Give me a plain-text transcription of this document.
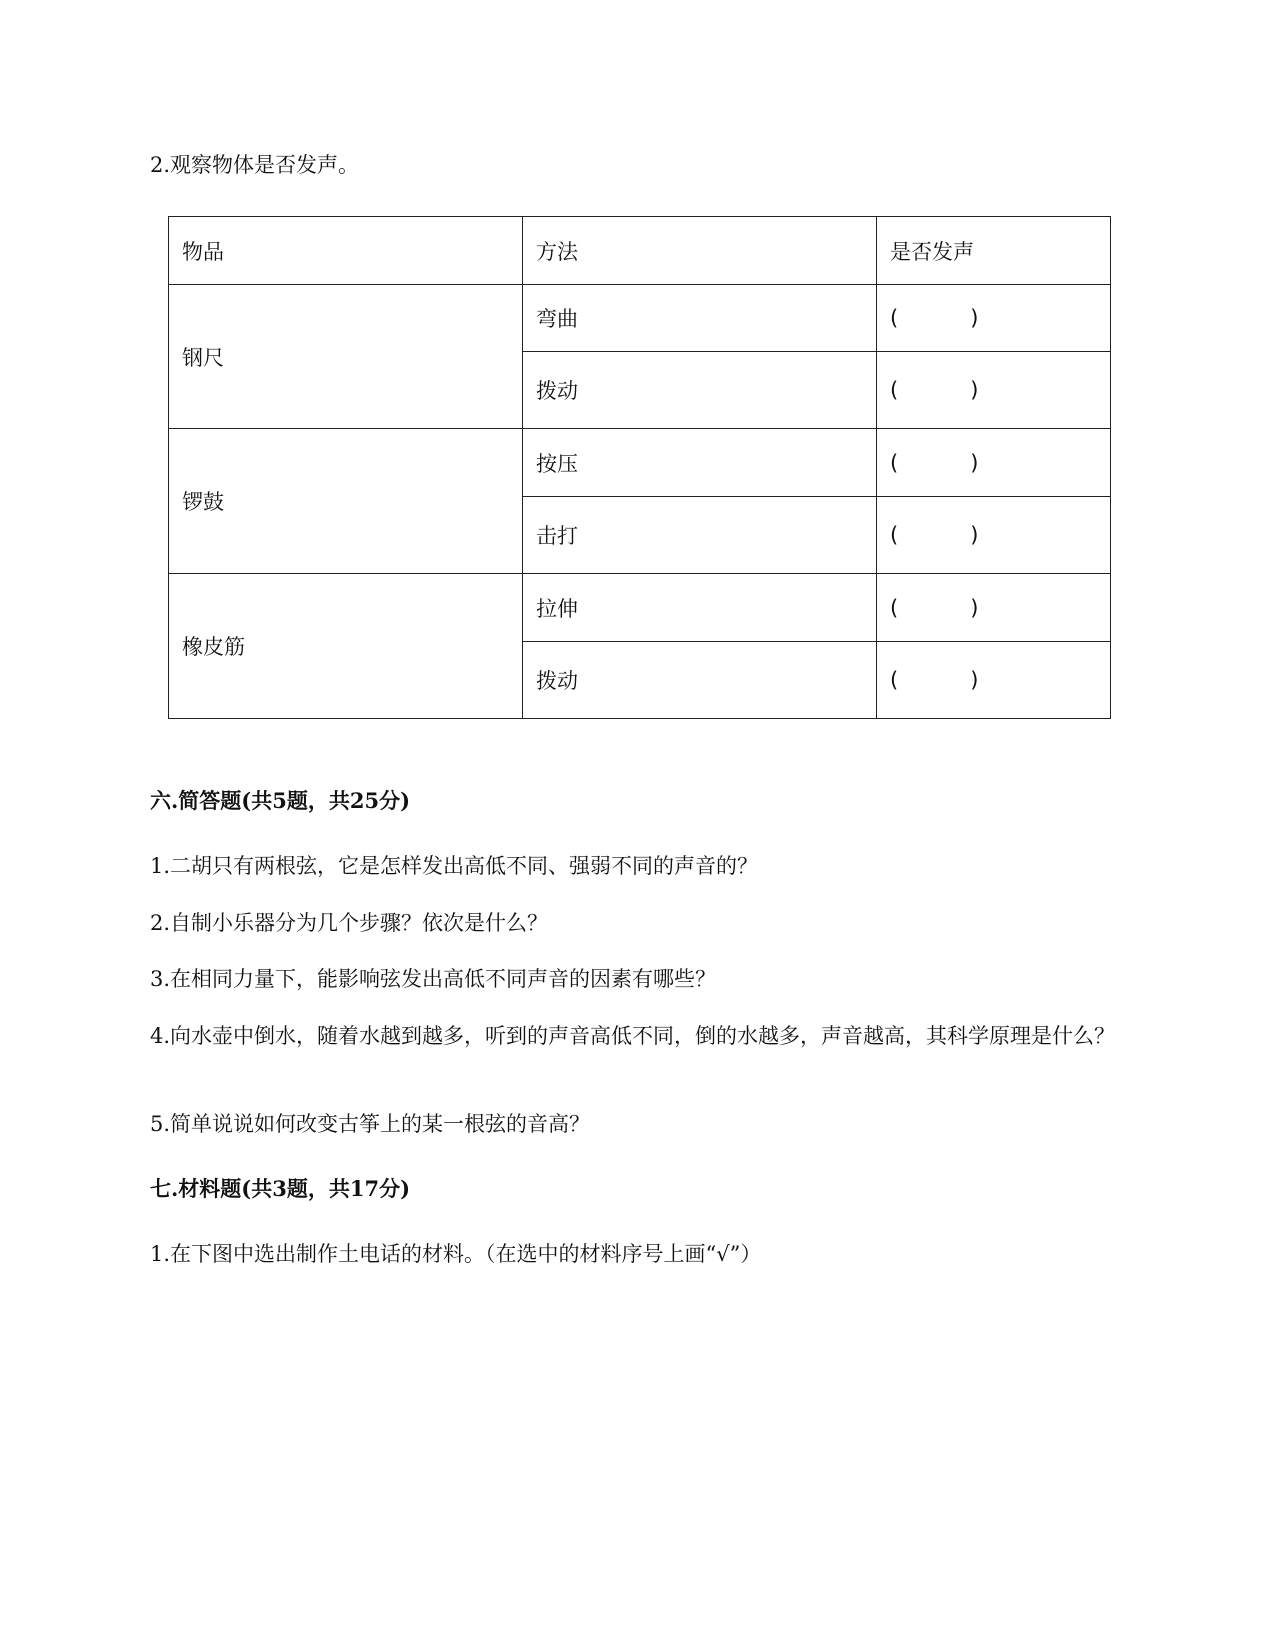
2.观察物体是否发声。
物品	方法	是否发声
钢尺	弯曲	( )
	拨动	( )
锣鼓	按压	( )
	击打	( )
橡皮筋	拉伸	( )
	拨动	( )
六.简答题(共5题，共25分)
1.二胡只有两根弦，它是怎样发出高低不同、强弱不同的声音的？
2.自制小乐器分为几个步骤？依次是什么？
3.在相同力量下，能影响弦发出高低不同声音的因素有哪些？
4.向水壶中倒水，随着水越到越多，听到的声音高低不同，倒的水越多，声音越高，其科学原理是什么？
5.简单说说如何改变古筝上的某一根弦的音高？
七.材料题(共3题，共17分)
1.在下图中选出制作土电话的材料。（在选中的材料序号上画“√”）
